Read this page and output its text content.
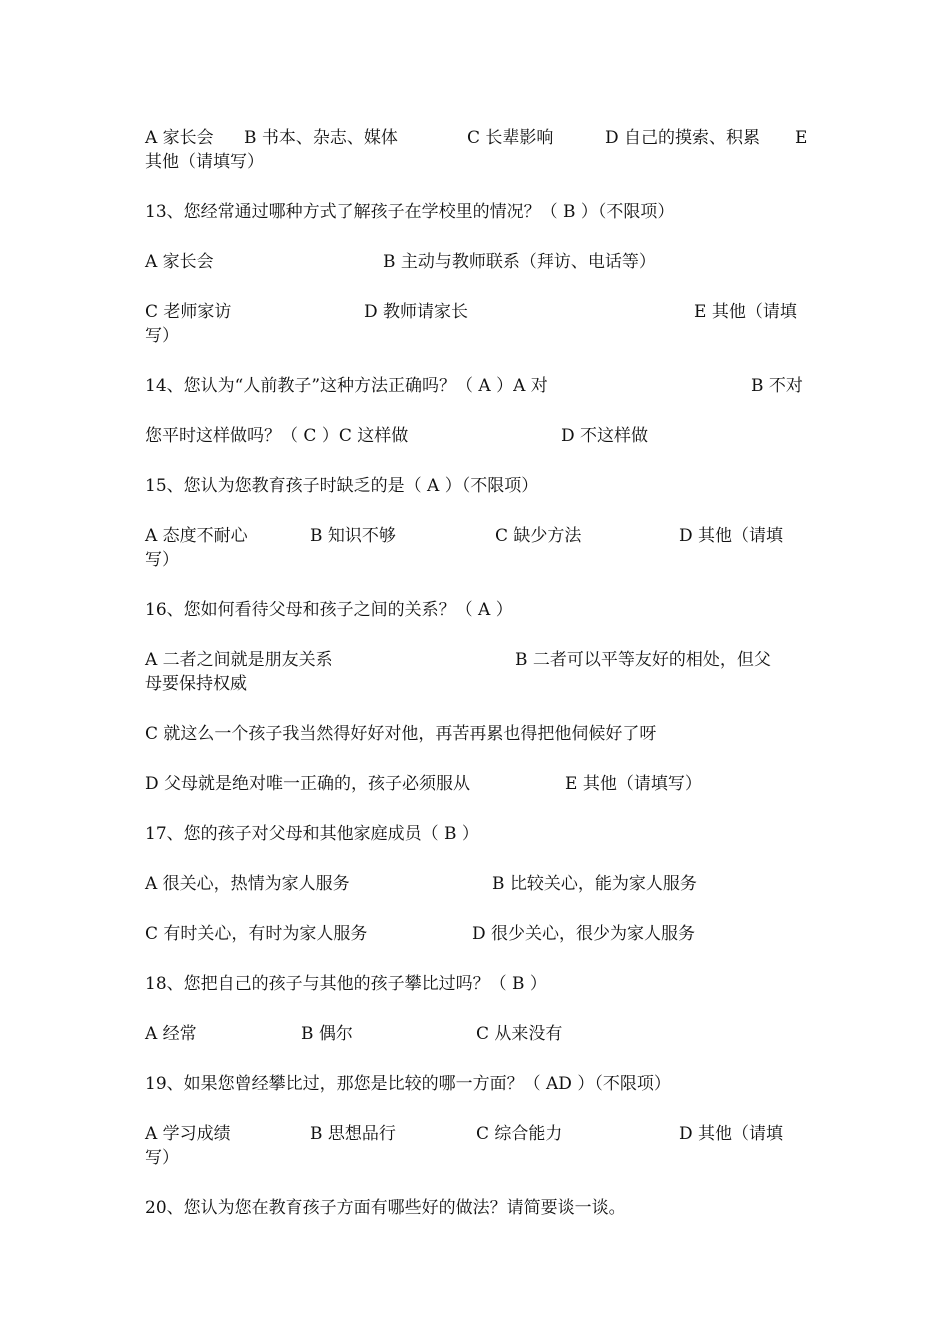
A 家长会 B 书本、杂志、媒体	C 长辈影响	D 自己的摸索、积累 E
其他（请填写）
13、您经常通过哪种方式了解孩子在学校里的情况？（ B ）（不限项）
A 家长会	B 主动与教师联系（拜访、电话等）
C 老师家访	D 教师请家长	E 其他（请填
写）
14、您认为“人前教子”这种方法正确吗？（ A ）A 对	B 不对
您平时这样做吗？（ C ）C 这样做	D 不这样做
15、您认为您教育孩子时缺乏的是（ A ）（不限项）
A 态度不耐心	B 知识不够	C 缺少方法	D 其他（请填
写）
16、您如何看待父母和孩子之间的关系？（ A ）
A 二者之间就是朋友关系	B 二者可以平等友好的相处，但父
母要保持权威
C 就这么一个孩子我当然得好好对他，再苦再累也得把他伺候好了呀
D 父母就是绝对唯一正确的，孩子必须服从	E 其他（请填写）
17、您的孩子对父母和其他家庭成员（ B ）
A 很关心，热情为家人服务	B 比较关心，能为家人服务
C 有时关心，有时为家人服务	D 很少关心，很少为家人服务
18、您把自己的孩子与其他的孩子攀比过吗？（ B ）
A 经常	B 偶尔	C 从来没有
19、如果您曾经攀比过，那您是比较的哪一方面？（ AD ）（不限项）
A 学习成绩	B 思想品行	C 综合能力	D 其他（请填
写）
20、您认为您在教育孩子方面有哪些好的做法？请简要谈一谈。
